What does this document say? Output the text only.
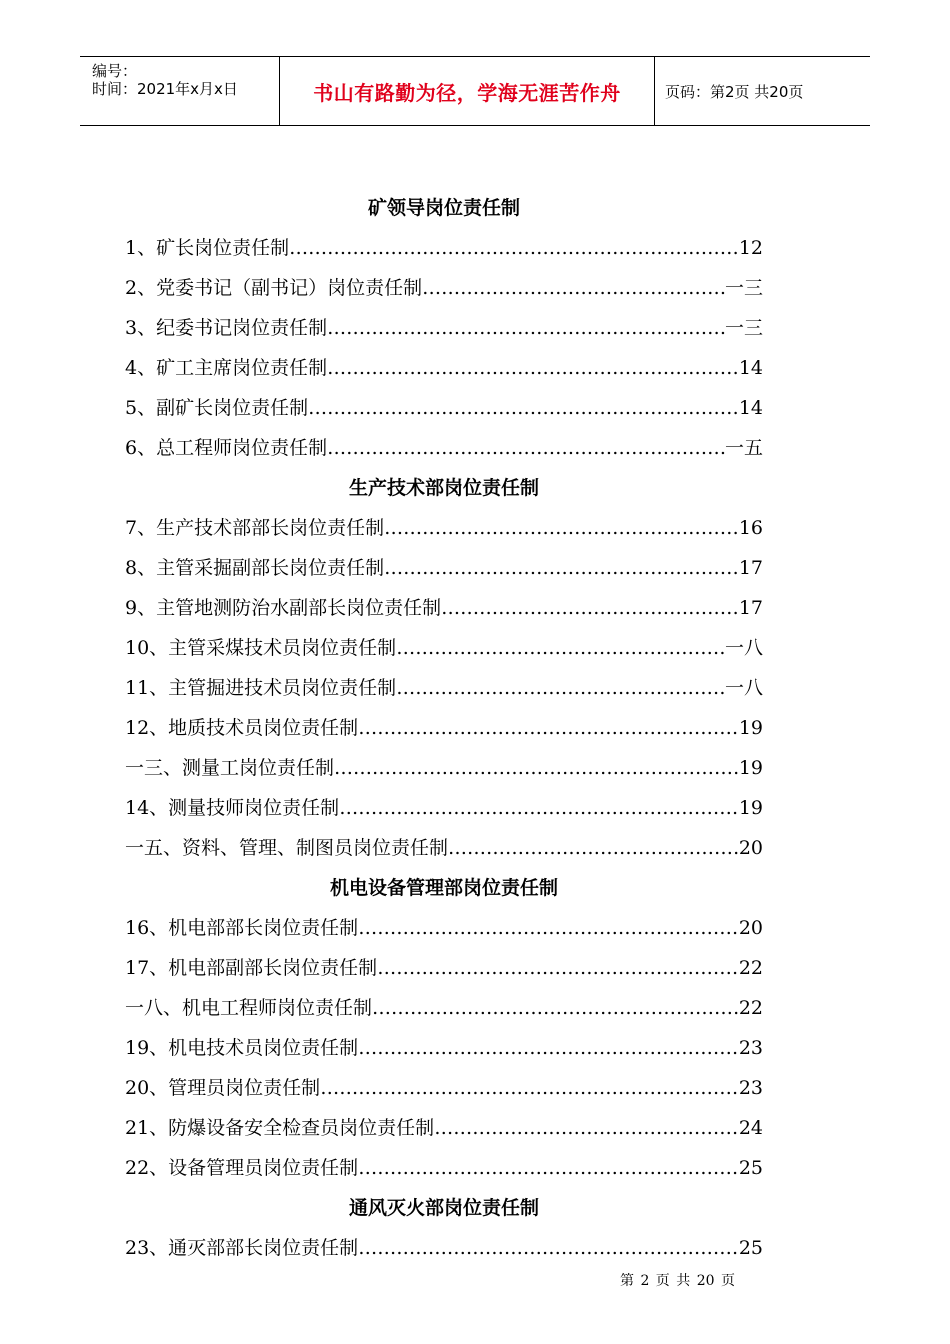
编号：
时间：2021年x月x日	书山有路勤为径，学海无涯苦作舟	页码：第2页 共20页
矿领导岗位责任制
1、矿长岗位责任制 ………………………………………………………………………………………………………………………………	12
2、党委书记（副书记）岗位责任制 ………………………………………………………………………………………………………………………………	一三
3、纪委书记岗位责任制 ………………………………………………………………………………………………………………………………	一三
4、矿工主席岗位责任制 ………………………………………………………………………………………………………………………………	14
5、副矿长岗位责任制 ………………………………………………………………………………………………………………………………	14
6、总工程师岗位责任制 ………………………………………………………………………………………………………………………………	一五
生产技术部岗位责任制
7、生产技术部部长岗位责任制 ………………………………………………………………………………………………………………………………	16
8、主管采掘副部长岗位责任制 ………………………………………………………………………………………………………………………………	17
9、主管地测防治水副部长岗位责任制 ………………………………………………………………………………………………………………………………	17
10、主管采煤技术员岗位责任制 ………………………………………………………………………………………………………………………………	一八
11、主管掘进技术员岗位责任制 ………………………………………………………………………………………………………………………………	一八
12、地质技术员岗位责任制 ………………………………………………………………………………………………………………………………	19
一三、测量工岗位责任制 ………………………………………………………………………………………………………………………………	19
14、测量技师岗位责任制 ………………………………………………………………………………………………………………………………	19
一五、资料、管理、制图员岗位责任制 ………………………………………………………………………………………………………………………………	20
机电设备管理部岗位责任制
16、机电部部长岗位责任制 ………………………………………………………………………………………………………………………………	20
17、机电部副部长岗位责任制 ………………………………………………………………………………………………………………………………	22
一八、机电工程师岗位责任制 ………………………………………………………………………………………………………………………………	22
19、机电技术员岗位责任制 ………………………………………………………………………………………………………………………………	23
20、管理员岗位责任制 ………………………………………………………………………………………………………………………………	23
21、防爆设备安全检查员岗位责任制 ………………………………………………………………………………………………………………………………	24
22、设备管理员岗位责任制 ………………………………………………………………………………………………………………………………	25
通风灭火部岗位责任制
23、通灭部部长岗位责任制 ………………………………………………………………………………………………………………………………	25
第 2 页 共 20 页
